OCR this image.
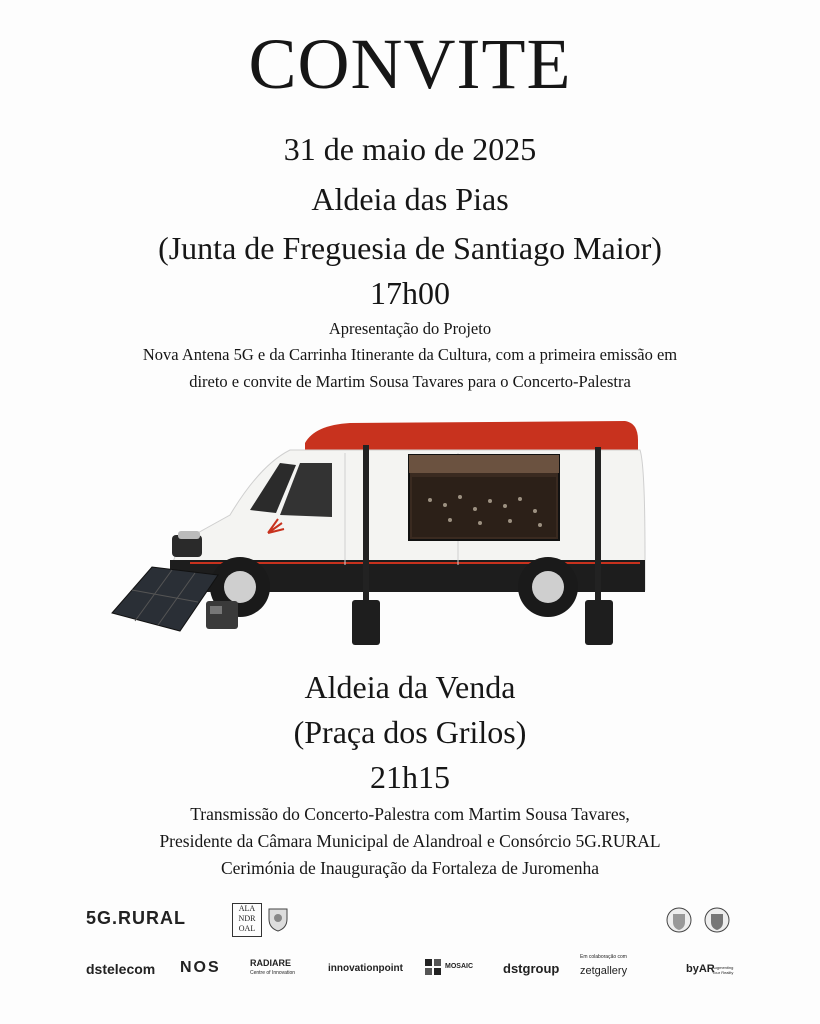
CONVITE
31 de maio de 2025
Aldeia das Pias
(Junta de Freguesia de Santiago Maior)
17h00
Apresentação do Projeto
Nova Antena 5G e da Carrinha Itinerante da Cultura, com a primeira emissão em
direto e convite de Martim Sousa Tavares para o Concerto-Palestra
Aldeia da Venda
(Praça dos Grilos)
21h15
Transmissão do Concerto-Palestra com Martim Sousa Tavares,
Presidente da Câmara Municipal de Alandroal e Consórcio 5G.RURAL
Cerimónia de Inauguração da Fortaleza de Juromenha
5G.RURAL	ALA
NDR
OAL
dstelecom NOS	RADIARE
Centre of Innovation	innovationpoint	MOSAIC dstgroup
Em colaboração com
zetgallery	byAR
Augmenting Your Reality
